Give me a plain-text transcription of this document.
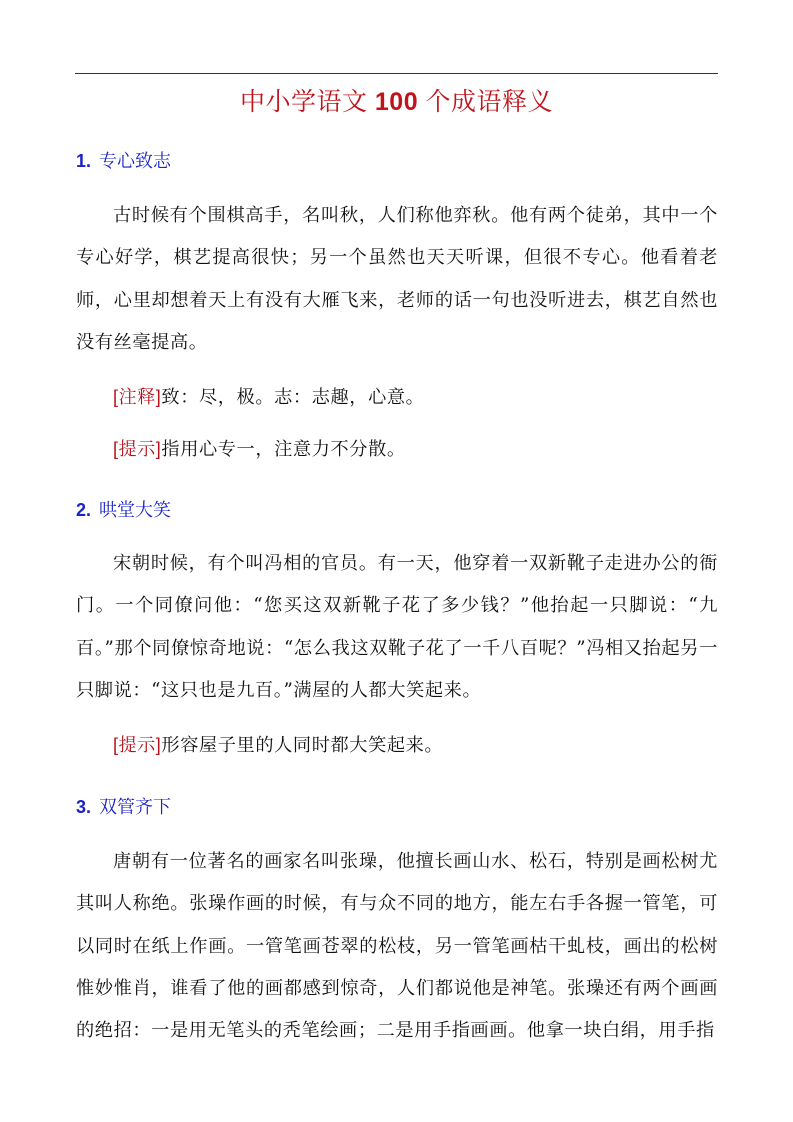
中小学语文 100 个成语释义
1. 专心致志

古时候有个围棋高手，名叫秋，人们称他弈秋。他有两个徒弟，其中一个专心好学，棋艺提高很快；另一个虽然也天天听课，但很不专心。他看着老师，心里却想着天上有没有大雁飞来，老师的话一句也没听进去，棋艺自然也没有丝毫提高。

[注释]致：尽，极。志：志趣，心意。
[提示]指用心专一，注意力不分散。
2. 哄堂大笑

宋朝时候，有个叫冯相的官员。有一天，他穿着一双新靴子走进办公的衙门。一个同僚问他：“您买这双新靴子花了多少钱？”他抬起一只脚说：“九百。”那个同僚惊奇地说：“怎么我这双靴子花了一千八百呢？”冯相又抬起另一只脚说：“这只也是九百。”满屋的人都大笑起来。

[提示]形容屋子里的人同时都大笑起来。
3. 双管齐下

唐朝有一位著名的画家名叫张璪，他擅长画山水、松石，特别是画松树尤其叫人称绝。张璪作画的时候，有与众不同的地方，能左右手各握一管笔，可以同时在纸上作画。一管笔画苍翠的松枝，另一管笔画枯干虬枝，画出的松树惟妙惟肖，谁看了他的画都感到惊奇，人们都说他是神笔。张璪还有两个画画的绝招：一是用无笔头的秃笔绘画；二是用手指画画。他拿一块白绢，用手指
